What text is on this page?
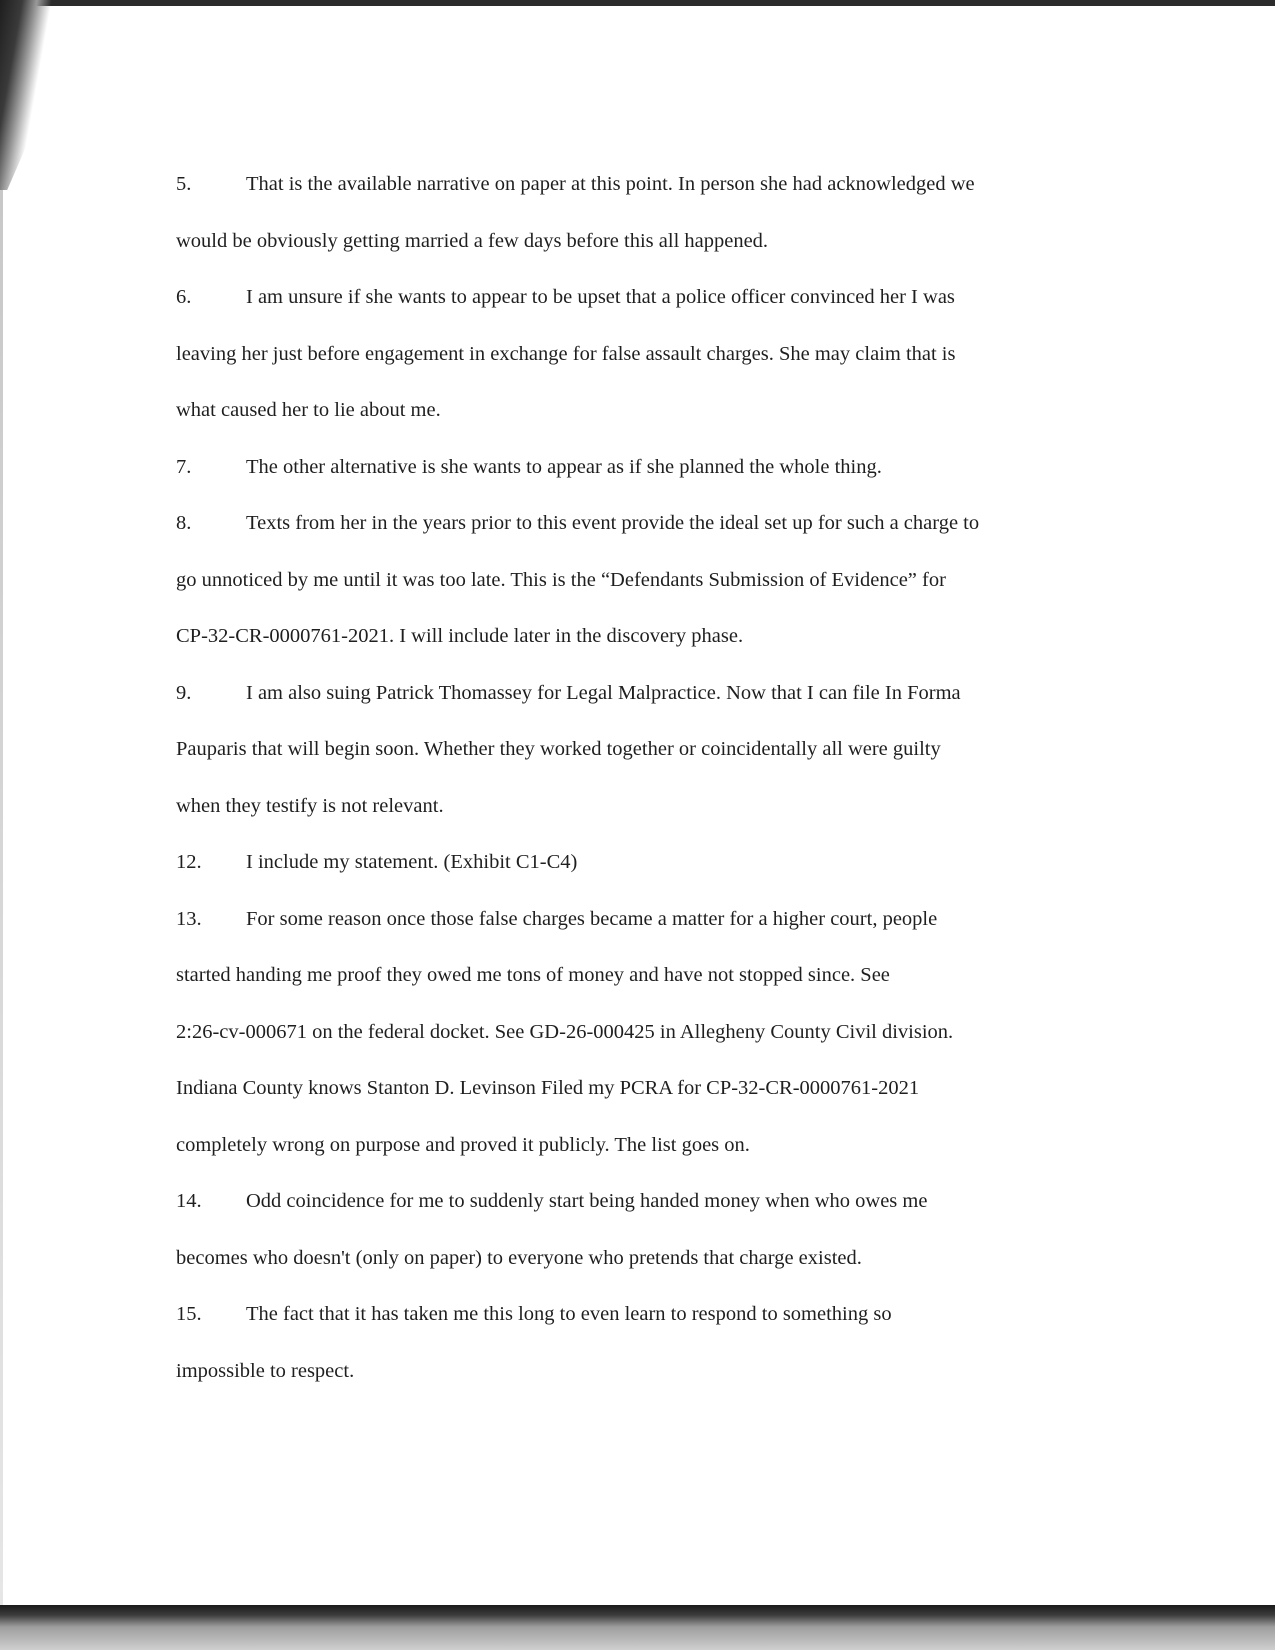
5.	That is the available narrative on paper at this point. In person she had acknowledged we

would be obviously getting married a few days before this all happened.

6.	I am unsure if she wants to appear to be upset that a police officer convinced her I was

leaving her just before engagement in exchange for false assault charges. She may claim that is

what caused her to lie about me.

7.	The other alternative is she wants to appear as if she planned the whole thing.

8.	Texts from her in the years prior to this event provide the ideal set up for such a charge to

go unnoticed by me until it was too late. This is the “Defendants Submission of Evidence” for

CP-32-CR-0000761-2021. I will include later in the discovery phase.

9.	I am also suing Patrick Thomassey for Legal Malpractice. Now that I can file In Forma

Pauparis that will begin soon. Whether they worked together or coincidentally all were guilty

when they testify is not relevant.

12. I include my statement. (Exhibit C1-C4)

13. For some reason once those false charges became a matter for a higher court, people

started handing me proof they owed me tons of money and have not stopped since. See

2:26-cv-000671 on the federal docket. See GD-26-000425 in Allegheny County Civil division.

Indiana County knows Stanton D. Levinson Filed my PCRA for CP-32-CR-0000761-2021

completely wrong on purpose and proved it publicly. The list goes on.

14. Odd coincidence for me to suddenly start being handed money when who owes me

becomes who doesn't (only on paper) to everyone who pretends that charge existed.

15. The fact that it has taken me this long to even learn to respond to something so

impossible to respect.
